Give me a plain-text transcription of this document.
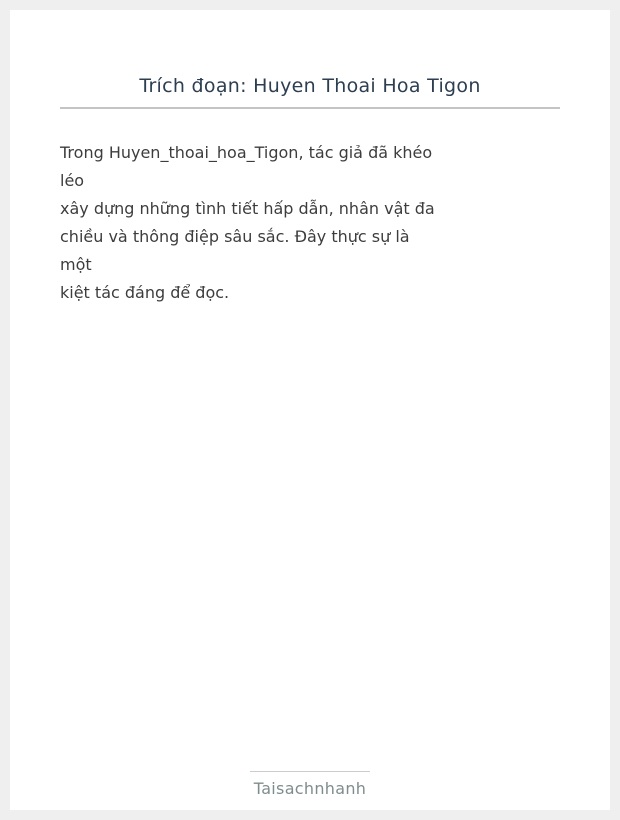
Trích đoạn: Huyen Thoai Hoa Tigon

Trong Huyen_thoai_hoa_Tigon, tác giả đã khéo

léo

xây dựng những tình tiết hấp dẫn, nhân vật đa

chiều và thông điệp sâu sắc. Đây thực sự là

một

kiệt tác đáng để đọc.

Taisachnhanh
